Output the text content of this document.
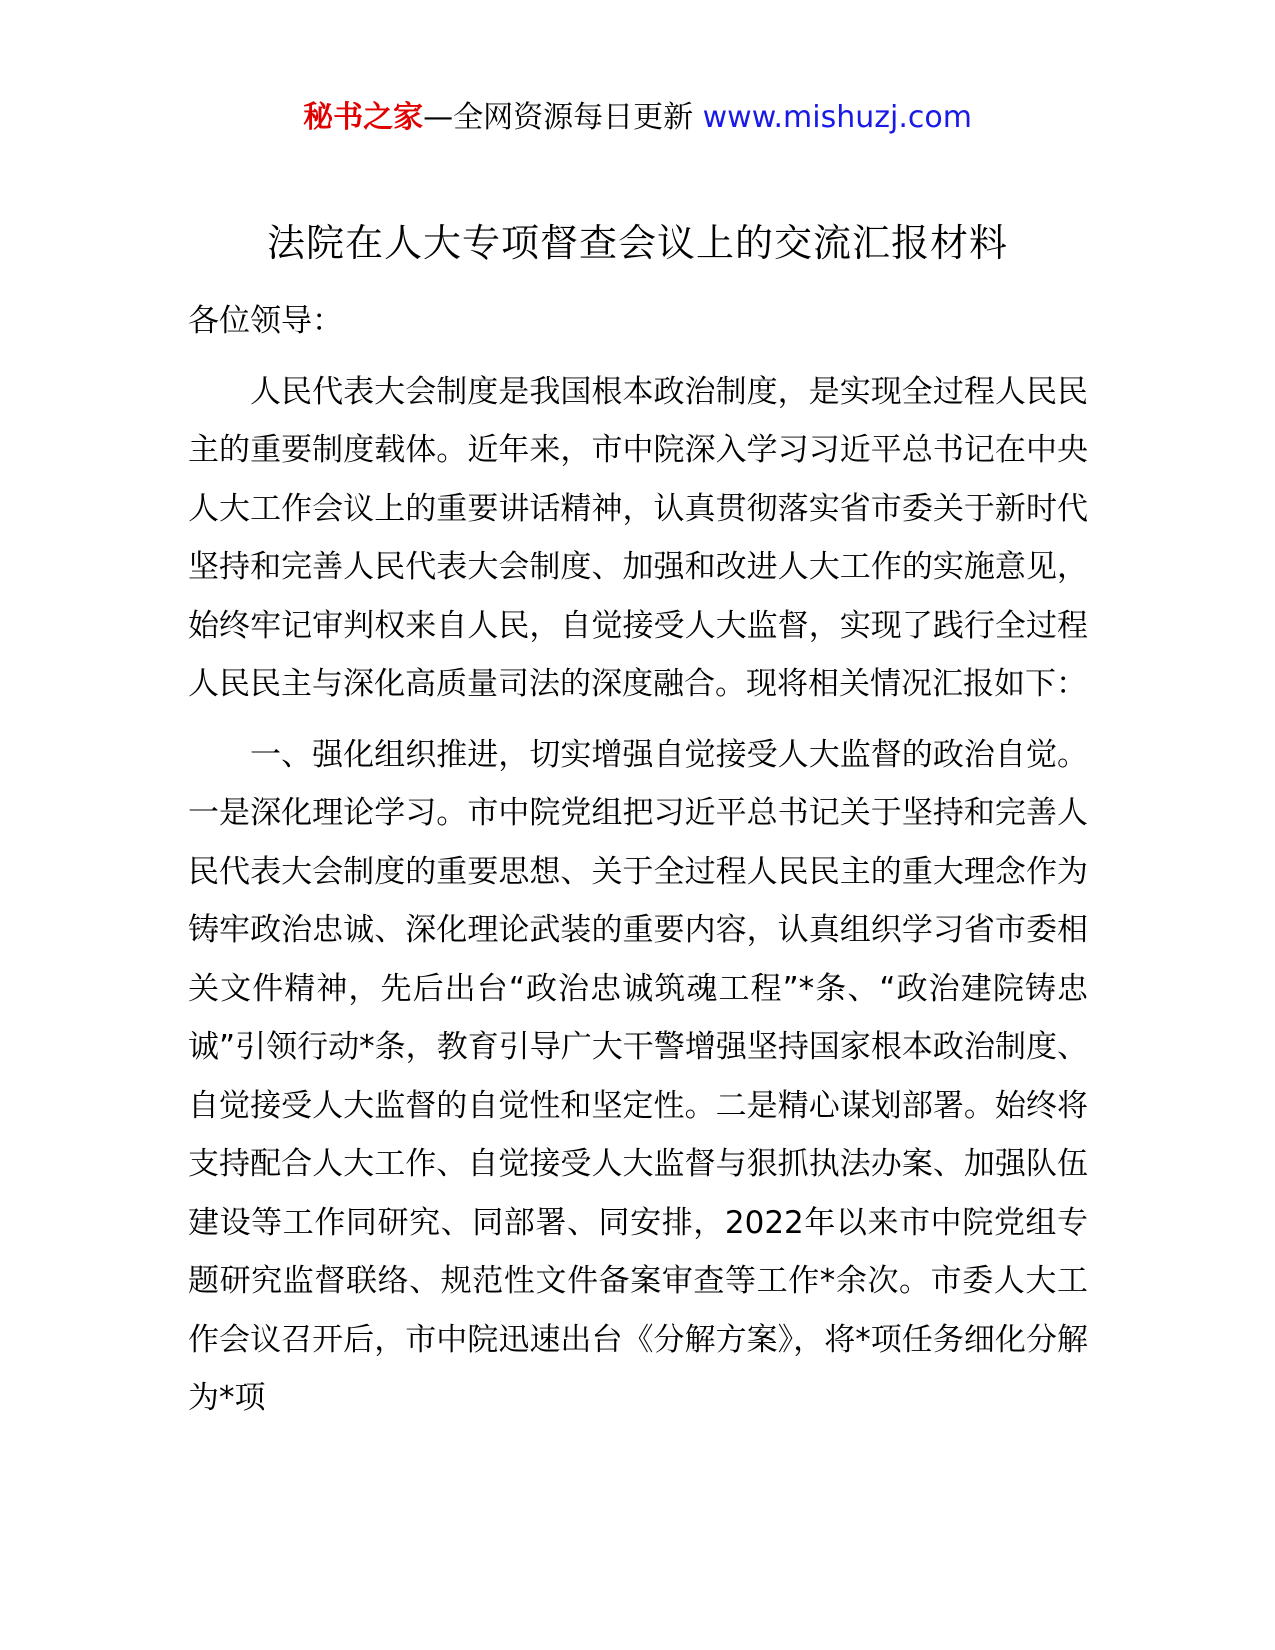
秘书之家—全网资源每日更新 www.mishuzj.com
法院在人大专项督查会议上的交流汇报材料

各位领导：

人民代表大会制度是我国根本政治制度，是实现全过程人民民主的重要制度载体。近年来，市中院深入学习习近平总书记在中央人大工作会议上的重要讲话精神，认真贯彻落实省市委关于新时代坚持和完善人民代表大会制度、加强和改进人大工作的实施意见，始终牢记审判权来自人民，自觉接受人大监督，实现了践行全过程人民民主与深化高质量司法的深度融合。现将相关情况汇报如下：

一、强化组织推进，切实增强自觉接受人大监督的政治自觉。一是深化理论学习。市中院党组把习近平总书记关于坚持和完善人民代表大会制度的重要思想、关于全过程人民民主的重大理念作为铸牢政治忠诚、深化理论武装的重要内容，认真组织学习省市委相关文件精神，先后出台“政治忠诚筑魂工程”*条、“政治建院铸忠诚”引领行动*条，教育引导广大干警增强坚持国家根本政治制度、自觉接受人大监督的自觉性和坚定性。二是精心谋划部署。始终将支持配合人大工作、自觉接受人大监督与狠抓执法办案、加强队伍建设等工作同研究、同部署、同安排，2022年以来市中院党组专题研究监督联络、规范性文件备案审查等工作*余次。市委人大工作会议召开后，市中院迅速出台《分解方案》，将*项任务细化分解为*项
